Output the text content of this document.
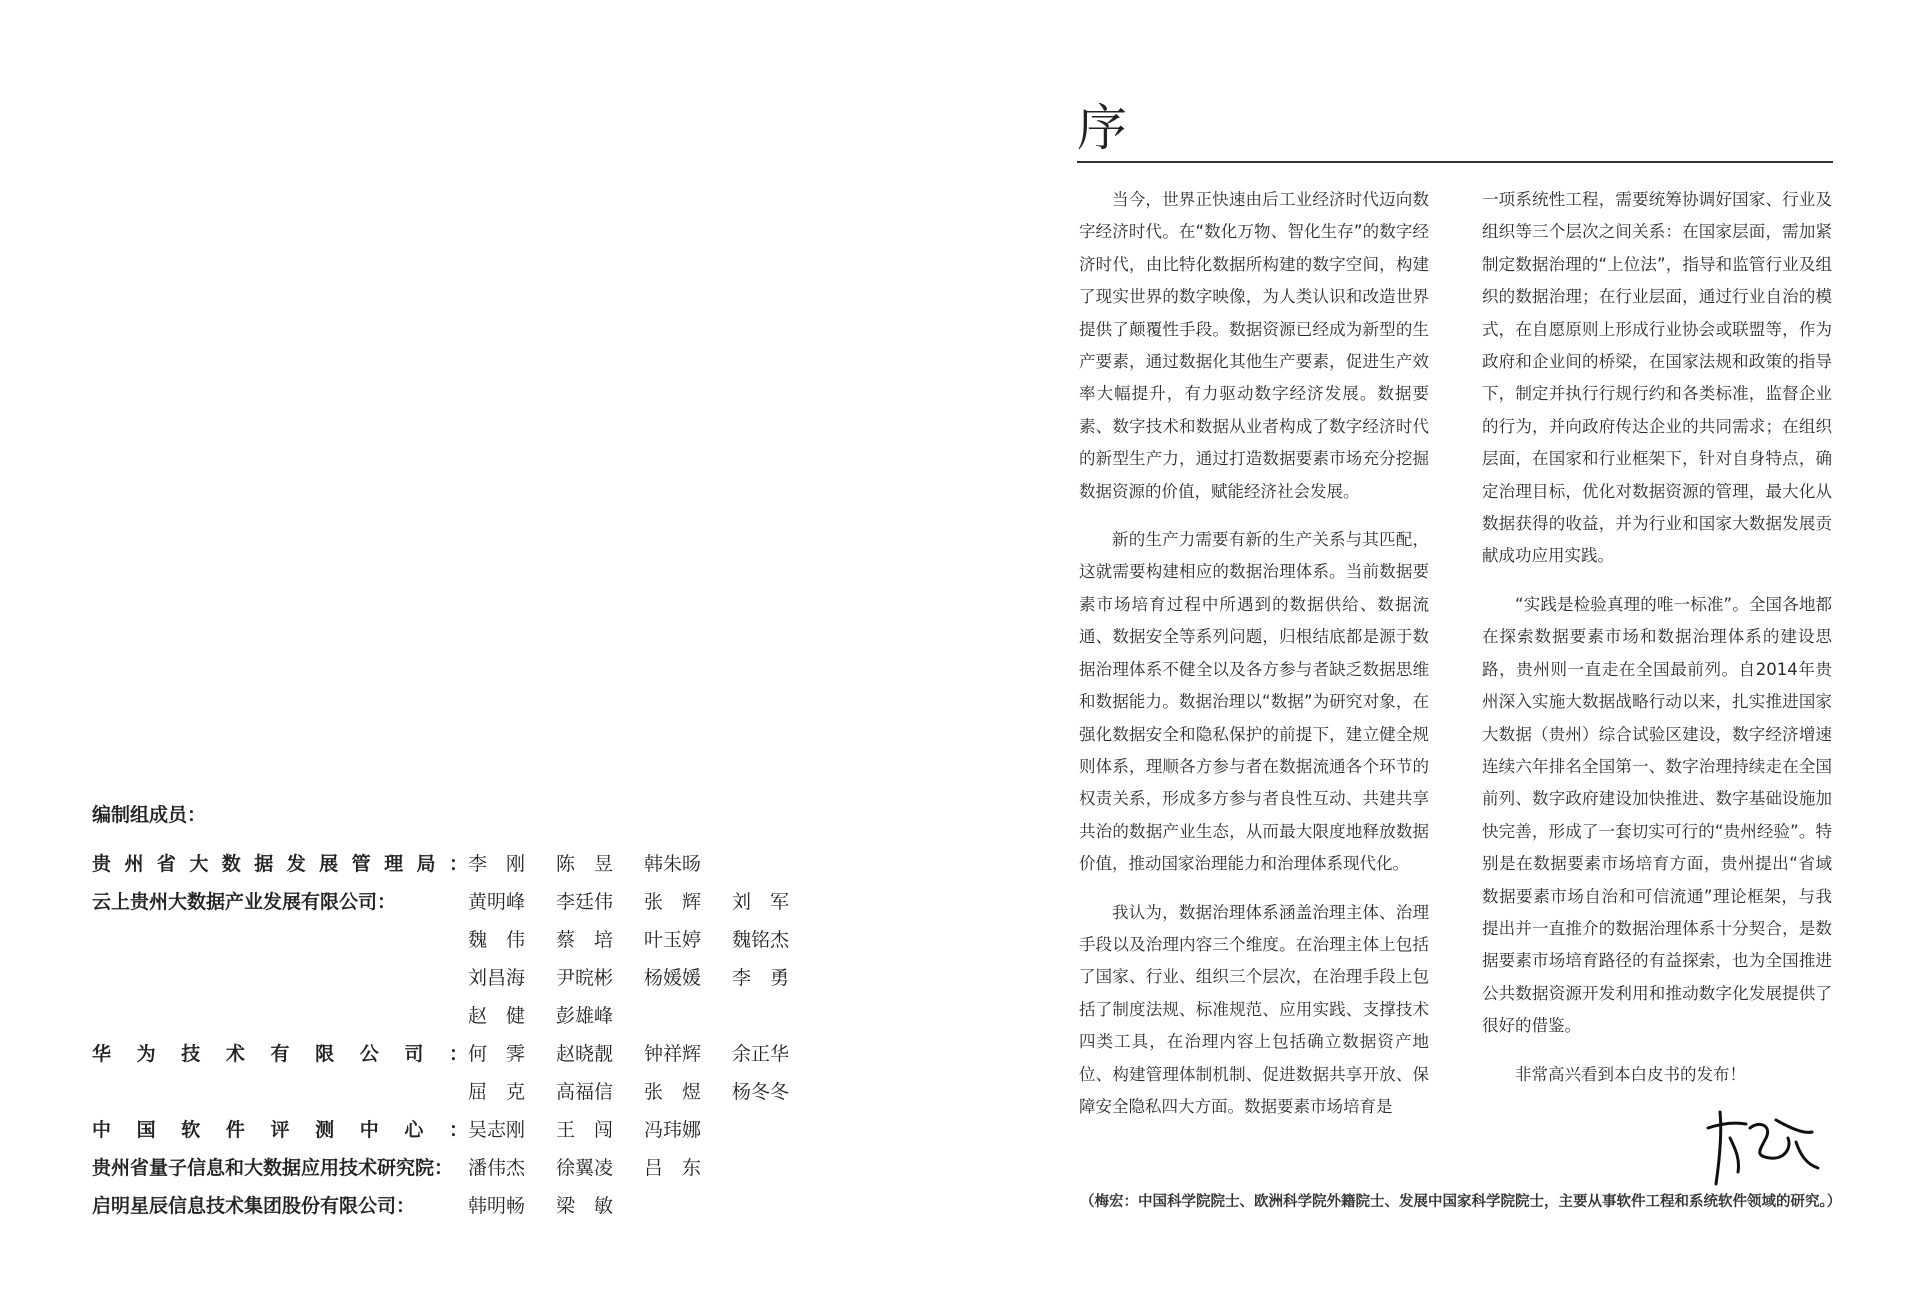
编制组成员：
贵州省大数据发展管理局： 李　刚	陈　昱	韩朱旸
云上贵州大数据产业发展有限公司：	黄明峰	李廷伟	张　辉	刘　军
魏　伟	蔡　培	叶玉婷	魏铭杰
刘昌海	尹晥彬	杨媛媛	李　勇
赵　健	彭雄峰
华为技术有限公司： 何　霁	赵晓靓	钟祥辉	余正华
屈　克	高福信	张　煜	杨冬冬
中国软件评测中心： 吴志刚	王　闯	冯玮娜
贵州省量子信息和大数据应用技术研究院： 潘伟杰	徐翼凌	吕　东
启明星辰信息技术集团股份有限公司：	韩明畅	梁　敏
序

当今，世界正快速由后工业经济时代迈向数字经济时代。在“数化万物、智化生存”的数字经济时代，由比特化数据所构建的数字空间，构建了现实世界的数字映像，为人类认识和改造世界提供了颠覆性手段。数据资源已经成为新型的生产要素，通过数据化其他生产要素，促进生产效率大幅提升，有力驱动数字经济发展。数据要素、数字技术和数据从业者构成了数字经济时代的新型生产力，通过打造数据要素市场充分挖掘数据资源的价值，赋能经济社会发展。

新的生产力需要有新的生产关系与其匹配，这就需要构建相应的数据治理体系。当前数据要素市场培育过程中所遇到的数据供给、数据流通、数据安全等系列问题，归根结底都是源于数据治理体系不健全以及各方参与者缺乏数据思维和数据能力。数据治理以“数据”为研究对象，在强化数据安全和隐私保护的前提下，建立健全规则体系，理顺各方参与者在数据流通各个环节的权责关系，形成多方参与者良性互动、共建共享共治的数据产业生态，从而最大限度地释放数据价值，推动国家治理能力和治理体系现代化。

我认为，数据治理体系涵盖治理主体、治理手段以及治理内容三个维度。在治理主体上包括了国家、行业、组织三个层次，在治理手段上包括了制度法规、标准规范、应用实践、支撑技术四类工具，在治理内容上包括确立数据资产地位、构建管理体制机制、促进数据共享开放、保障安全隐私四大方面。数据要素市场培育是

一项系统性工程，需要统筹协调好国家、行业及组织等三个层次之间关系：在国家层面，需加紧制定数据治理的“上位法”，指导和监管行业及组织的数据治理；在行业层面，通过行业自治的模式，在自愿原则上形成行业协会或联盟等，作为政府和企业间的桥梁，在国家法规和政策的指导下，制定并执行行规行约和各类标准，监督企业的行为，并向政府传达企业的共同需求；在组织层面，在国家和行业框架下，针对自身特点，确定治理目标，优化对数据资源的管理，最大化从数据获得的收益，并为行业和国家大数据发展贡献成功应用实践。

“实践是检验真理的唯一标准”。全国各地都在探索数据要素市场和数据治理体系的建设思路，贵州则一直走在全国最前列。自2014年贵州深入实施大数据战略行动以来，扎实推进国家大数据（贵州）综合试验区建设，数字经济增速连续六年排名全国第一、数字治理持续走在全国前列、数字政府建设加快推进、数字基础设施加快完善，形成了一套切实可行的“贵州经验”。特别是在数据要素市场培育方面，贵州提出“省域数据要素市场自治和可信流通”理论框架，与我提出并一直推介的数据治理体系十分契合，是数据要素市场培育路径的有益探索，也为全国推进公共数据资源开发利用和推动数字化发展提供了很好的借鉴。

非常高兴看到本白皮书的发布！

（梅宏：中国科学院院士、欧洲科学院外籍院士、发展中国家科学院院士，主要从事软件工程和系统软件领域的研究。）
